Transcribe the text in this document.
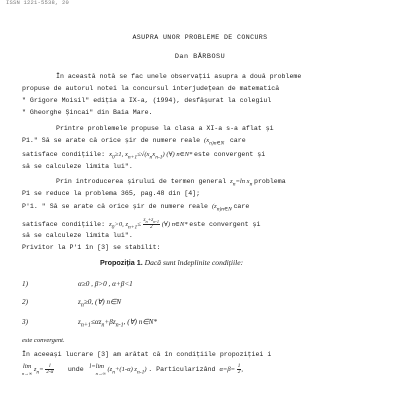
ISSN 1221-5538, 20
ASUPRA UNOR PROBLEME DE CONCURS
Dan BĂRBOSU
În această notă se fac unele observații asupra a două probleme
propuse de autorul notei la concursul interjudețean de matematică
" Grigore Moisil" ediția a IX-a, (1994), desfășurat la colegiul
" Gheorghe Șincai" din Baia Mare.
Printre problemele propuse la clasa a XI-a s-a aflat și
P1." Să se arate că orice șir de numere reale ($x_{n)n\in N}$  care
satisface condițiile: $x_0\ge 1$, $x_{n+1}\le√(x_nx_{n-1})$ (∀) n∈N* este convergent și
să se calculeze limita lui".
Prin introducerea șirului de termen general $z_n=\ln$ $x_n$ problema
P1 se reduce la problema 365, pag.48 din [4];
P'1. " Să se arate că orice șir de numere reale ($z_{n)n\in N}$ care
satisface condițiile: $z_0>0$, $z_{n+1}\le \frac{z_n+z_{n-1}}{2}$ (∀) n∈N* este convergent și
să se calculeze limita lui".
Privitor la P'1 în [3] se stabilit:
Propoziția 1. Dacă sunt îndeplinite condițiile:
1)	α≥0 , β>0 , α+β<1
2)	$z_n\ge 0$, (∀) n∈N
3)	$z_{n+1}\le\alpha z_n+\beta z_{n-1}$, (∀) n∈N*
este convergent.
În aceeași lucrare [3] am arătat că în condițiile propoziției i
lim
n→∞ $z_n= \frac{l}{2-\alpha}$ unde l=lim
n→∞ ($z_n+(1-\alpha)$ $z_{n-1}$) . Particularizând $\alpha=\beta= \frac{1}{2}$ ,
